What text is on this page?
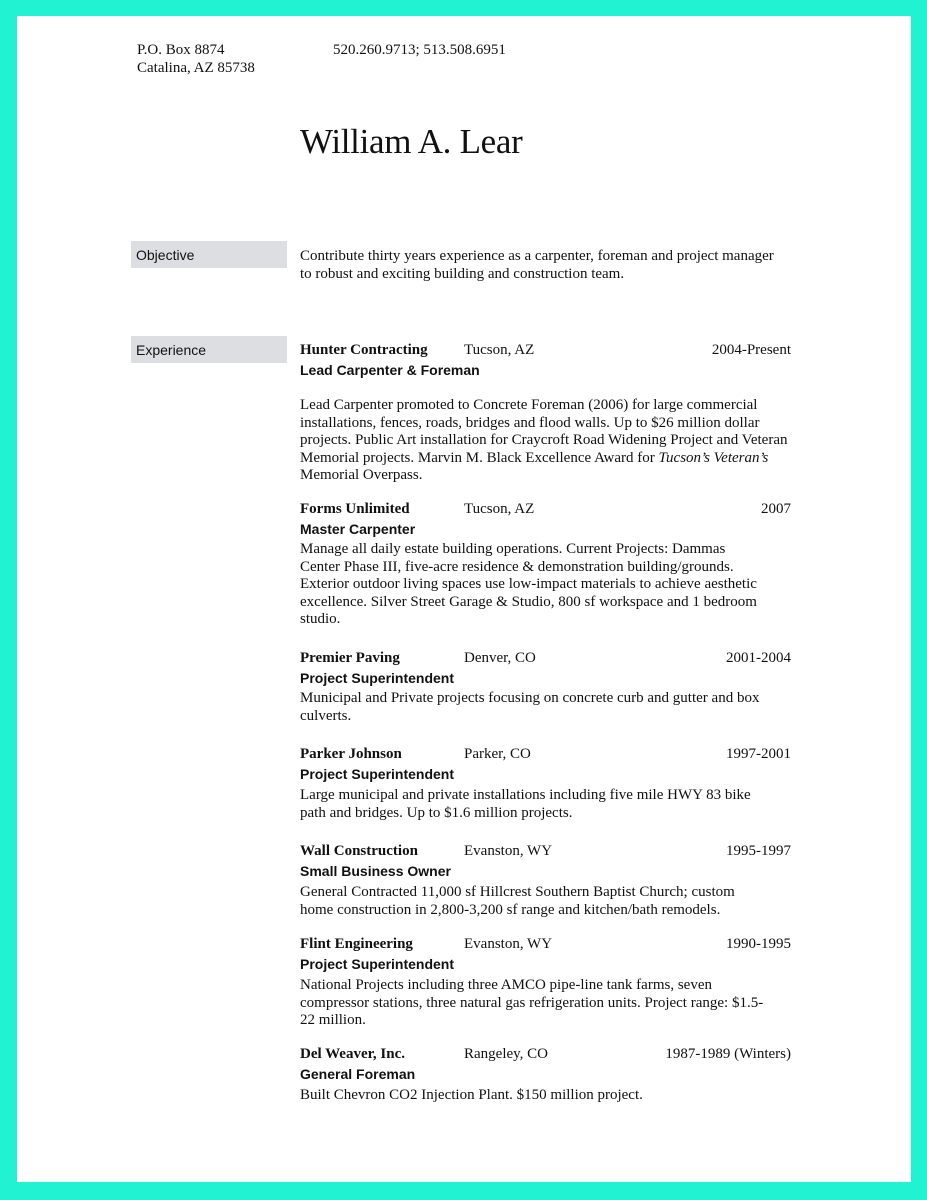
P.O. Box 8874
Catalina, AZ 85738
520.260.9713; 513.508.6951
William A. Lear
Objective	Contribute thirty years experience as a carpenter, foreman and project manager
to robust and exciting building and construction team.
Experience	Hunter Contracting Tucson, AZ	2004-Present
Lead Carpenter & Foreman
Lead Carpenter promoted to Concrete Foreman (2006) for large commercial
installations, fences, roads, bridges and flood walls. Up to $26 million dollar
projects. Public Art installation for Craycroft Road Widening Project and Veteran
Memorial projects. Marvin M. Black Excellence Award for Tucson’s Veteran’s
Memorial Overpass.
Forms Unlimited	Tucson, AZ	2007
Master Carpenter
Manage all daily estate building operations. Current Projects: Dammas
Center Phase III, five-acre residence & demonstration building/grounds.
Exterior outdoor living spaces use low-impact materials to achieve aesthetic
excellence. Silver Street Garage & Studio, 800 sf workspace and 1 bedroom
studio.
Premier Paving	Denver, CO	2001-2004
Project Superintendent
Municipal and Private projects focusing on concrete curb and gutter and box
culverts.
Parker Johnson	Parker, CO	1997-2001
Project Superintendent
Large municipal and private installations including five mile HWY 83 bike
path and bridges. Up to $1.6 million projects.
Wall Construction	Evanston, WY	1995-1997
Small Business Owner
General Contracted 11,000 sf Hillcrest Southern Baptist Church; custom
home construction in 2,800-3,200 sf range and kitchen/bath remodels.
Flint Engineering	Evanston, WY	1990-1995
Project Superintendent
National Projects including three AMCO pipe-line tank farms, seven
compressor stations, three natural gas refrigeration units. Project range: $1.5-
22 million.
Del Weaver, Inc.	Rangeley, CO	1987-1989 (Winters)
General Foreman
Built Chevron CO2 Injection Plant. $150 million project.
